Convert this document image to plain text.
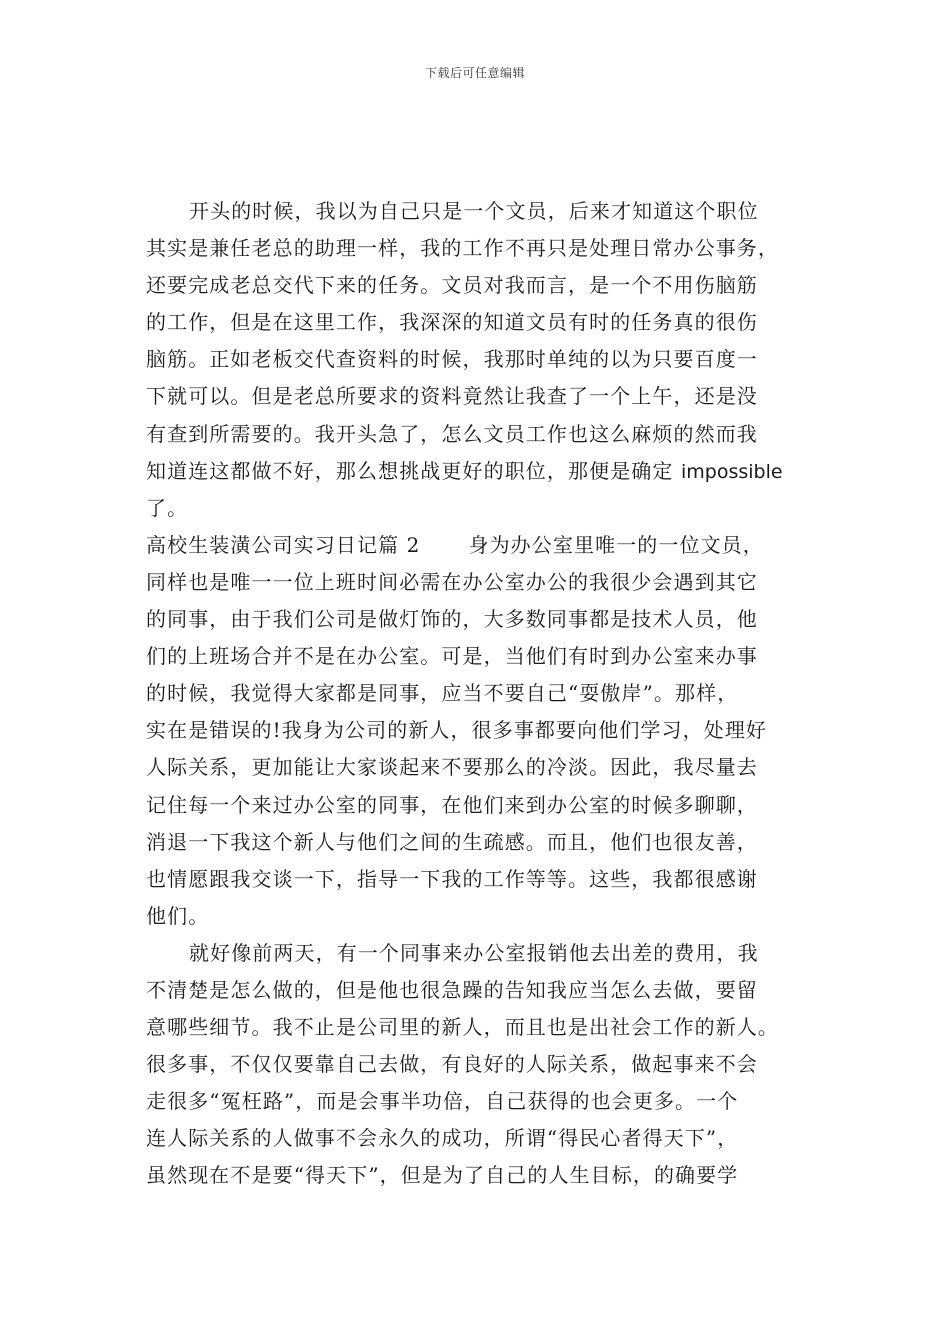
下载后可任意编辑
开头的时候，我以为自己只是一个文员，后来才知道这个职位
其实是兼任老总的助理一样，我的工作不再只是处理日常办公事务，
还要完成老总交代下来的任务。文员对我而言，是一个不用伤脑筋
的工作，但是在这里工作，我深深的知道文员有时的任务真的很伤
脑筋。正如老板交代查资料的时候，我那时单纯的以为只要百度一
下就可以。但是老总所要求的资料竟然让我查了一个上午，还是没
有查到所需要的。我开头急了，怎么文员工作也这么麻烦的然而我
知道连这都做不好，那么想挑战更好的职位，那便是确定 impossible
了。
高校生装潢公司实习日记篇 2 身为办公室里唯一的一位文员，
同样也是唯一一位上班时间必需在办公室办公的我很少会遇到其它
的同事，由于我们公司是做灯饰的，大多数同事都是技术人员，他
们的上班场合并不是在办公室。可是，当他们有时到办公室来办事
的时候，我觉得大家都是同事，应当不要自己“耍傲岸”。那样，
实在是错误的!我身为公司的新人，很多事都要向他们学习，处理好
人际关系，更加能让大家谈起来不要那么的冷淡。因此，我尽量去
记住每一个来过办公室的同事，在他们来到办公室的时候多聊聊，
消退一下我这个新人与他们之间的生疏感。而且，他们也很友善，
也情愿跟我交谈一下，指导一下我的工作等等。这些，我都很感谢
他们。
就好像前两天，有一个同事来办公室报销他去出差的费用，我
不清楚是怎么做的，但是他也很急躁的告知我应当怎么去做，要留
意哪些细节。我不止是公司里的新人，而且也是出社会工作的新人。
很多事，不仅仅要靠自己去做，有良好的人际关系，做起事来不会
走很多“冤枉路”，而是会事半功倍，自己获得的也会更多。一个
连人际关系的人做事不会永久的成功，所谓“得民心者得天下”，
虽然现在不是要“得天下”，但是为了自己的人生目标，的确要学
